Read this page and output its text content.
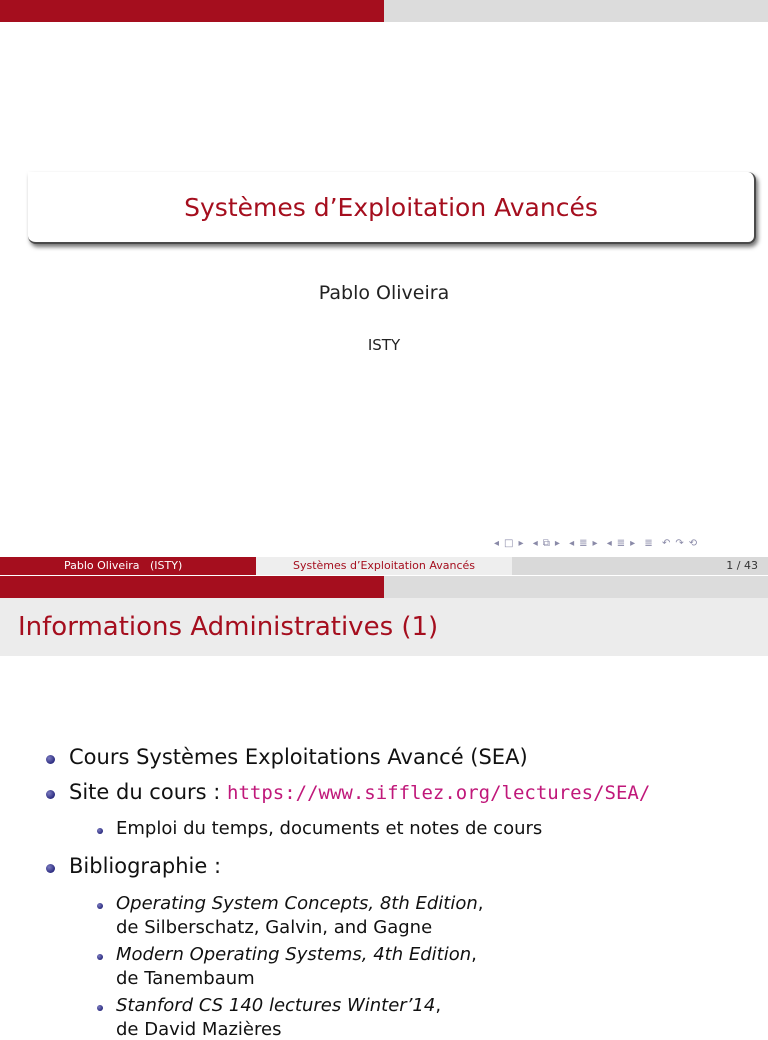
Systèmes d’Exploitation Avancés
Pablo Oliveira
ISTY
◂ □ ▸ ◂ ⧉ ▸ ◂ ≣ ▸ ◂ ≣ ▸ ≣ ↶ ↷ ⟲
Pablo Oliveira   (ISTY)	Systèmes d’Exploitation Avancés	1 / 43
Informations Administratives (1)
Cours Systèmes Exploitations Avancé (SEA)
Site du cours : https://www.sifflez.org/lectures/SEA/
Emploi du temps, documents et notes de cours
Bibliographie :
Operating System Concepts, 8th Edition,
de Silberschatz, Galvin, and Gagne
Modern Operating Systems, 4th Edition,
de Tanembaum
Stanford CS 140 lectures Winter’14,
de David Mazières
